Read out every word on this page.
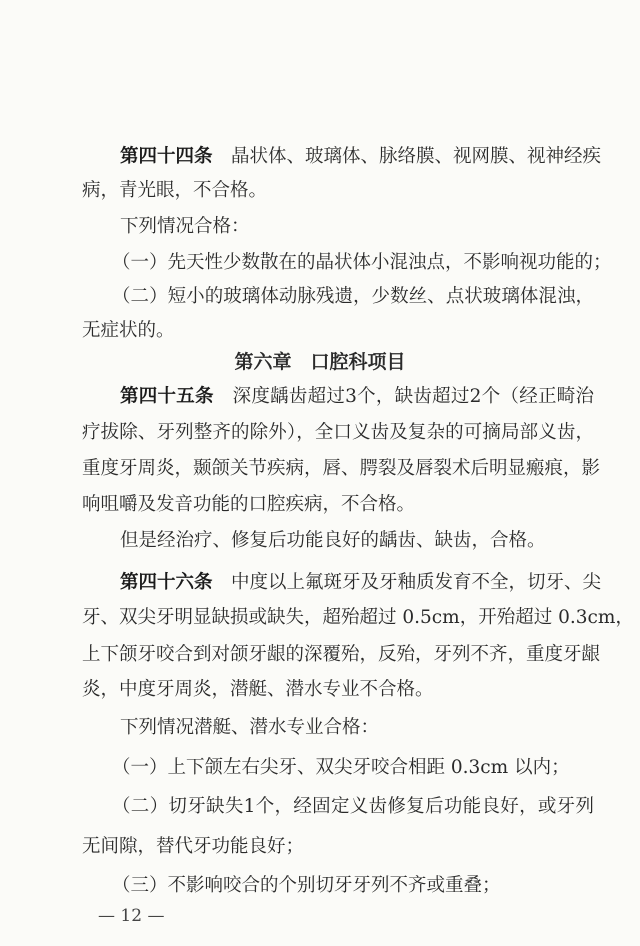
第四十四条　 晶状体、玻璃体、脉络膜、视网膜、视神经疾
病，青光眼，不合格。
下列情况合格：
（一）先天性少数散在的晶状体小混浊点，不影响视功能的；
（二）短小的玻璃体动脉残遗，少数丝、点状玻璃体混浊，
无症状的。
第六章　口腔科项目
第四十五条　 深度龋齿超过3个，缺齿超过2个（经正畸治
疗拔除、牙列整齐的除外），全口义齿及复杂的可摘局部义齿，
重度牙周炎，颞颌关节疾病，唇、腭裂及唇裂术后明显瘢痕，影
响咀嚼及发音功能的口腔疾病，不合格。
但是经治疗、修复后功能良好的龋齿、缺齿，合格。
第四十六条　 中度以上氟斑牙及牙釉质发育不全，切牙、尖
牙、双尖牙明显缺损或缺失，超殆超过 0.5cm，开殆超过 0.3cm，
上下颌牙咬合到对颌牙龈的深覆殆，反殆，牙列不齐，重度牙龈
炎，中度牙周炎，潜艇、潜水专业不合格。
下列情况潜艇、潜水专业合格：
（一）上下颌左右尖牙、双尖牙咬合相距 0.3cm 以内；
（二）切牙缺失1个，经固定义齿修复后功能良好，或牙列
无间隙，替代牙功能良好；
（三）不影响咬合的个别切牙牙列不齐或重叠；
— 12 —
